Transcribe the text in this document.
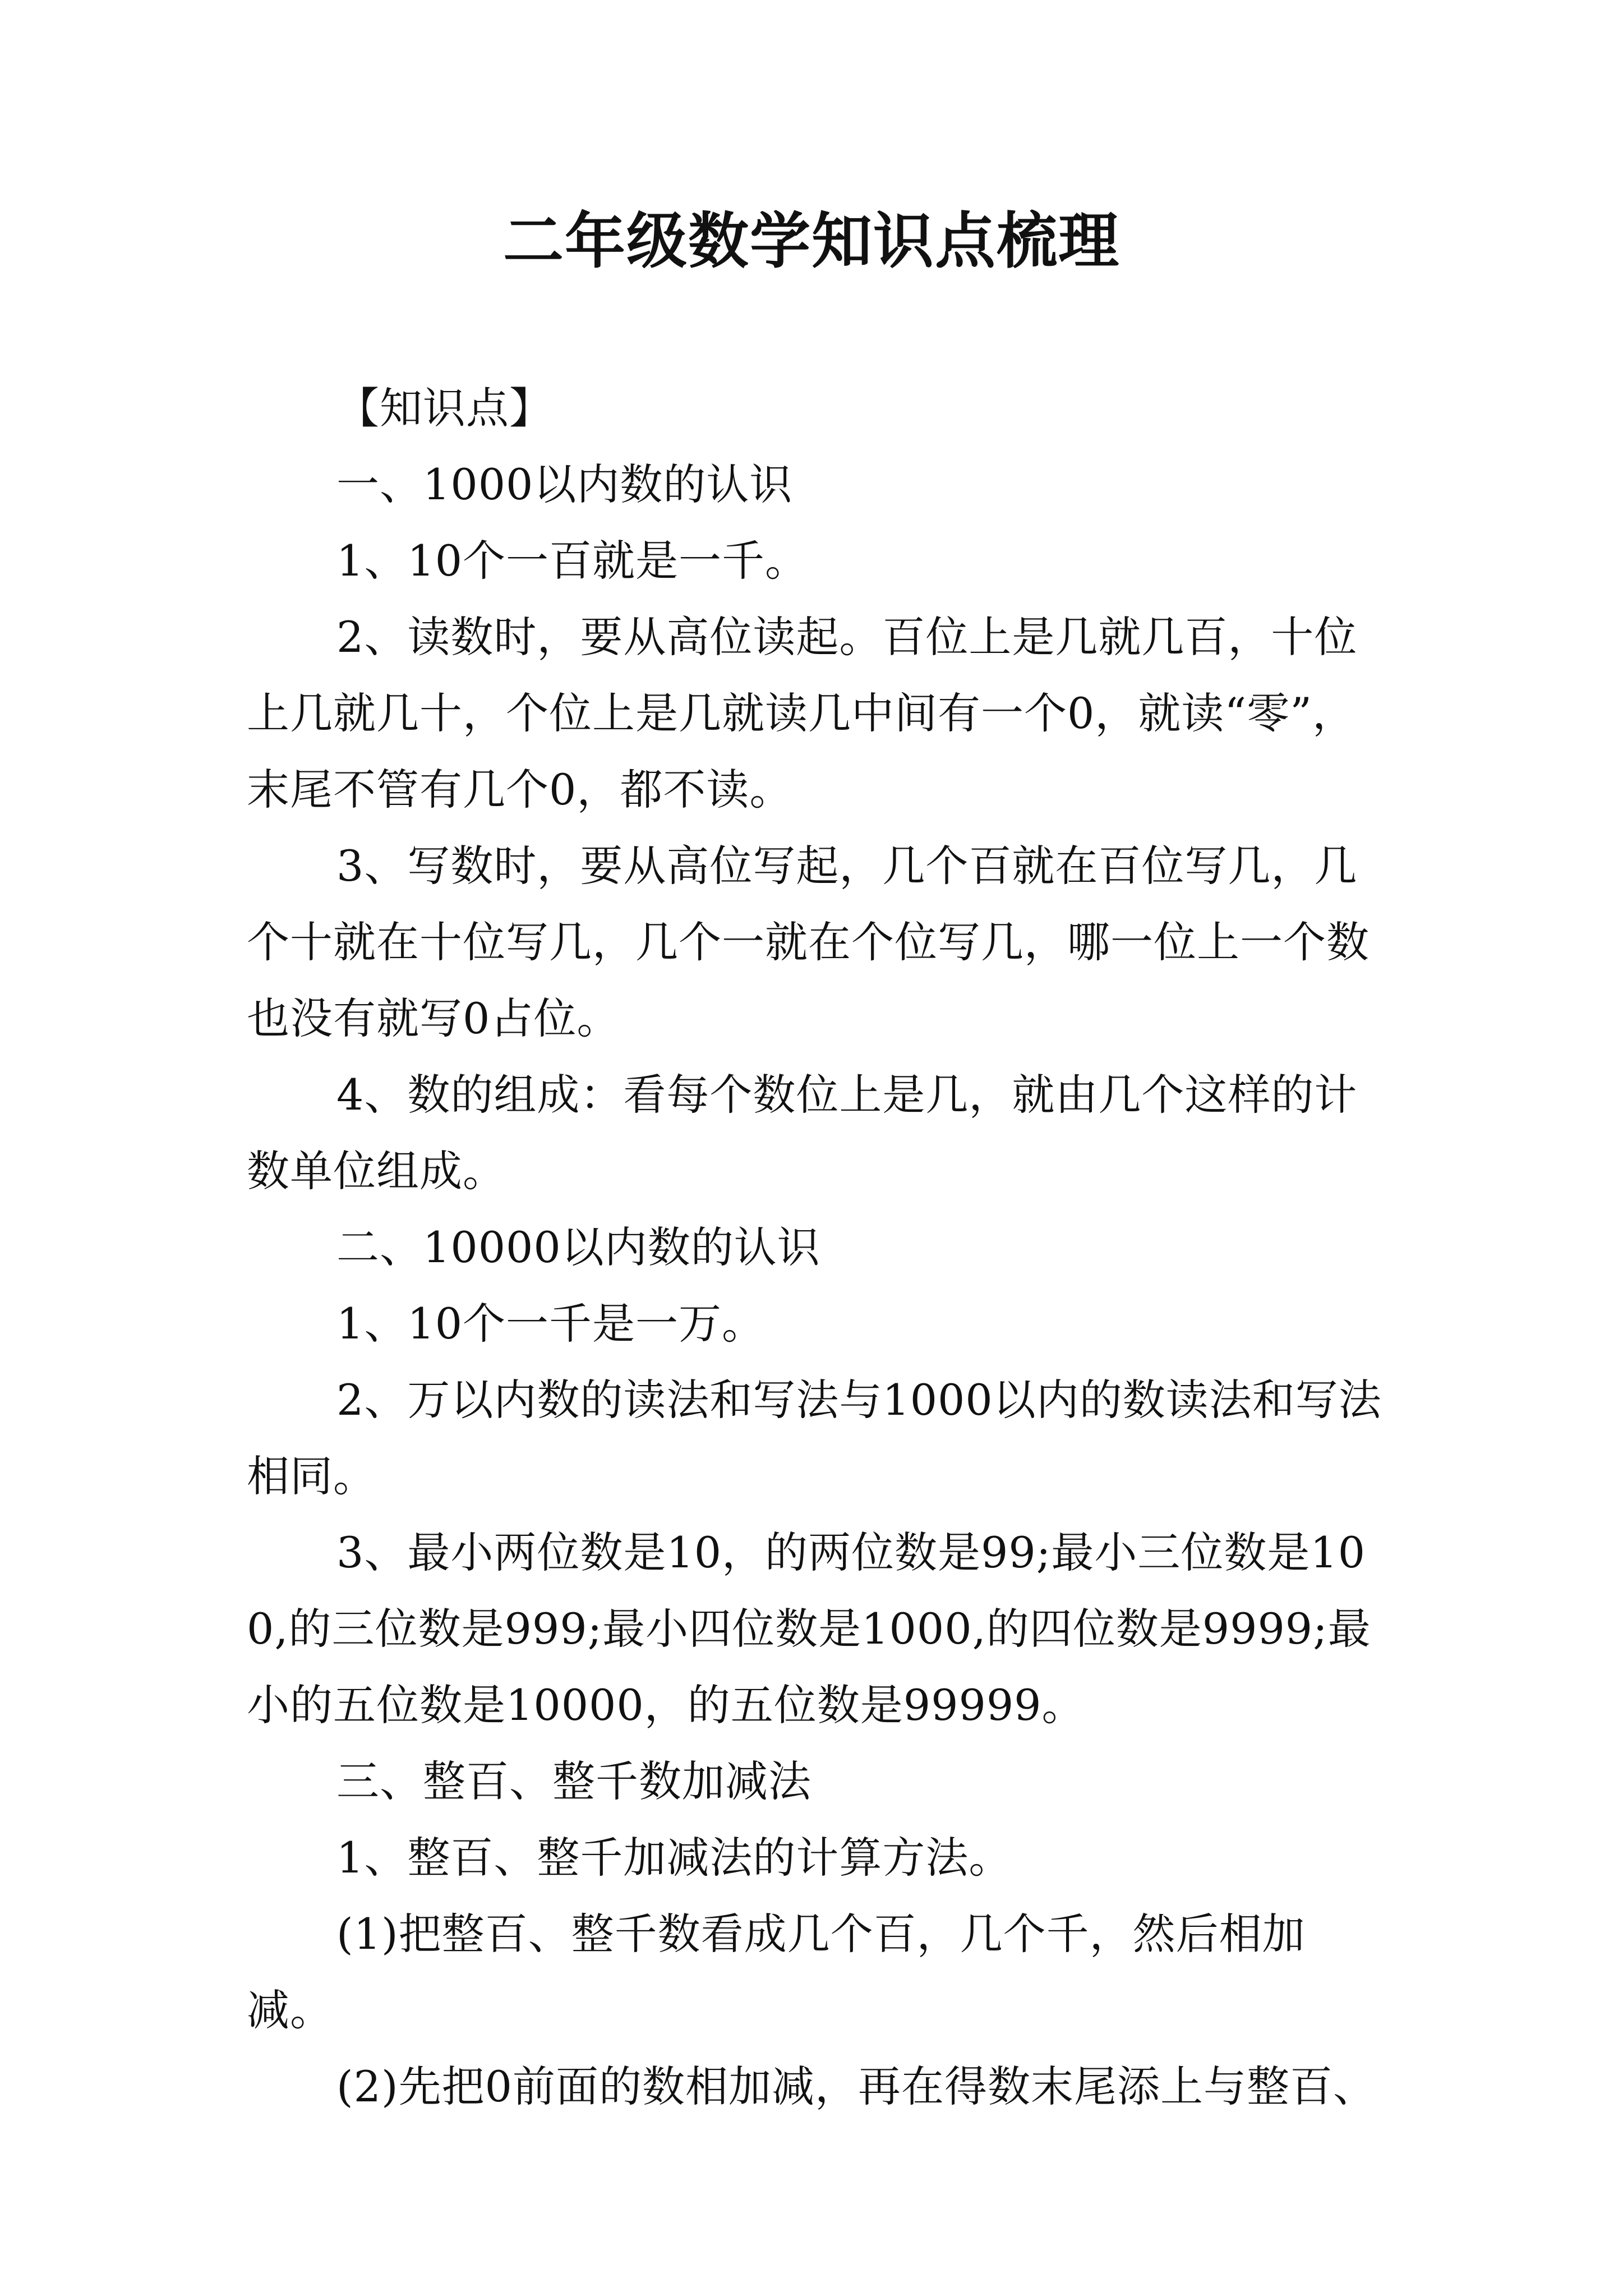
二年级数学知识点梳理

【知识点】

一、1000以内数的认识

1、10个一百就是一千。

2、读数时，要从高位读起。百位上是几就几百，十位上几就几十，个位上是几就读几中间有一个0，就读“零”，末尾不管有几个0，都不读。

3、写数时，要从高位写起，几个百就在百位写几，几个十就在十位写几，几个一就在个位写几，哪一位上一个数也没有就写0占位。

4、数的组成：看每个数位上是几，就由几个这样的计数单位组成。

二、10000以内数的认识

1、10个一千是一万。

2、万以内数的读法和写法与1000以内的数读法和写法相同。

3、最小两位数是10，的两位数是99;最小三位数是100,的三位数是999;最小四位数是1000,的四位数是9999;最小的五位数是10000，的五位数是99999。

三、整百、整千数加减法

1、整百、整千加减法的计算方法。

(1)把整百、整千数看成几个百，几个千，然后相加减。

(2)先把0前面的数相加减，再在得数末尾添上与整百、
